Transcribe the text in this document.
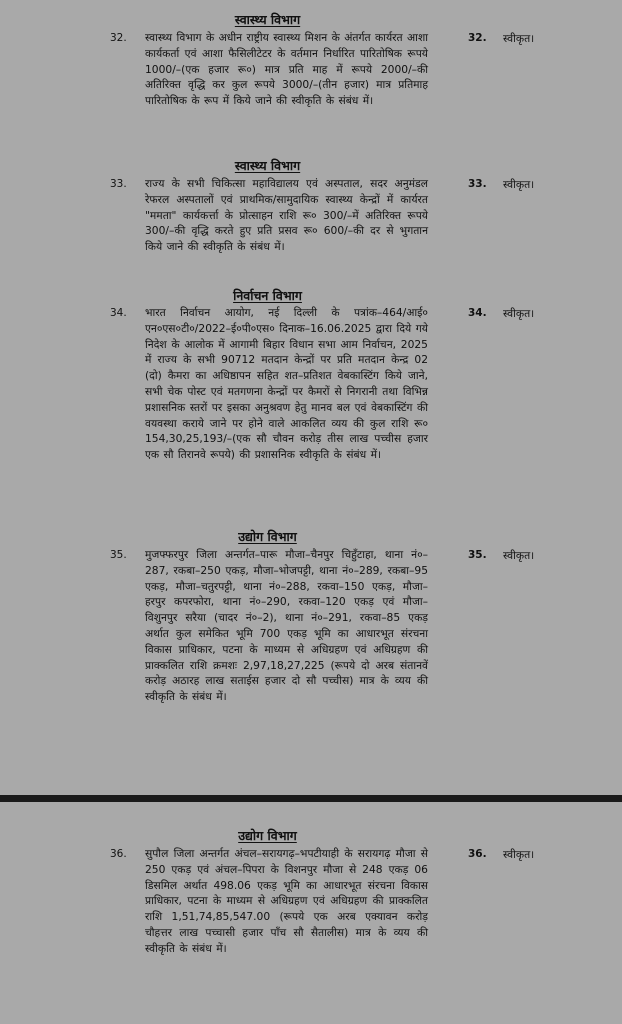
स्वास्थ्य विभाग
32. स्वास्थ्य विभाग के अधीन राष्ट्रीय स्वास्थ्य मिशन के अंतर्गत कार्यरत आशा कार्यकर्ता एवं आशा फैसिलीटेटर के वर्तमान निर्धारित पारितोषिक रूपये 1000/–(एक हजार रू०) मात्र प्रति माह में रूपये 2000/–की अतिरिक्त वृद्धि कर कुल रूपये 3000/–(तीन हजार) मात्र प्रतिमाह पारितोषिक के रूप में किये जाने की स्वीकृति के संबंध में।
32. स्वीकृत।
स्वास्थ्य विभाग
33. राज्य के सभी चिकित्सा महाविद्यालय एवं अस्पताल, सदर अनुमंडल रेफरल अस्पतालों एवं प्राथमिक/सामुदायिक स्वास्थ्य केन्द्रों में कार्यरत "ममता" कार्यकर्त्ता के प्रोत्साहन राशि रू० 300/–में अतिरिक्त रूपये 300/–की वृद्धि करते हुए प्रति प्रसव रू० 600/–की दर से भुगतान किये जाने की स्वीकृति के संबंध में।
33. स्वीकृत।
निर्वाचन विभाग
34. भारत निर्वाचन आयोग, नई दिल्ली के पत्रांक–464/आई० एन०एस०टी०/2022–ई०पी०एस० दिनाक–16.06.2025 द्वारा दिये गये निदेश के आलोक में आगामी बिहार विधान सभा आम निर्वाचन, 2025 में राज्य के सभी 90712 मतदान केन्द्रों पर प्रति मतदान केन्द्र 02 (दो) कैमरा का अधिष्ठापन सहित शत–प्रतिशत वेबकास्टिंग किये जाने, सभी चेक पोस्ट एवं मतगणना केन्द्रों पर कैमरों से निगरानी तथा विभिन्न प्रशासनिक स्तरों पर इसका अनुश्रवण हेतु मानव बल एवं वेबकास्टिंग की वयवस्था कराये जाने पर होने वाले आकलित व्यय की कुल राशि रू० 154,30,25,193/–(एक सौ चौवन करोड़ तीस लाख पच्चीस हजार एक सौ तिरानवे रूपये) की प्रशासनिक स्वीकृति के संबंध में।
34. स्वीकृत।
उद्योग विभाग
35. मुजफ्फरपुर जिला अन्तर्गत–पारू मौजा–चैनपुर चिहुँटाहा, थाना नं०–287, रकबा–250 एकड़, मौजा–भोजपट्टी, थाना नं०–289, रकबा–95 एकड़, मौजा–चतुरपट्टी, थाना नं०–288, रकवा–150 एकड़, मौजा–हरपुर कपरफोरा, थाना नं०–290, रकवा–120 एकड़ एवं मौजा–विशुनपुर सरैया (चादर नं०–2), थाना नं०–291, रकवा–85 एकड़ अर्थात कुल समेकित भूमि 700 एकड़ भूमि का आधारभूत संरचना विकास प्राधिकार, पटना के माध्यम से अधिग्रहण एवं अधिग्रहण की प्राक्कलित राशि क्रमशः 2,97,18,27,225 (रूपये दो अरब संतानवें करोड़ अठारह लाख सताईस हजार दो सौ पच्चीस) मात्र के व्यय की स्वीकृति के संबंध में।
35. स्वीकृत।
उद्योग विभाग
36. सुपौल जिला अन्तर्गत अंचल–सरायगढ़–भपटीयाही के सरायगढ़ मौजा से 250 एकड़ एवं अंचल–पिपरा के विशनपुर मौजा से 248 एकड़ 06 डिसमिल अर्थात 498.06 एकड़ भूमि का आधारभूत संरचना विकास प्राधिकार, पटना के माध्यम से अधिग्रहण एवं अधिग्रहण की प्राक्कलित राशि 1,51,74,85,547.00 (रूपये एक अरब एक्यावन करोड़ चौहत्तर लाख पच्चासी हजार पाँच सौ सैतालीस) मात्र के व्यय की स्वीकृति के संबंध में।
36. स्वीकृत।
